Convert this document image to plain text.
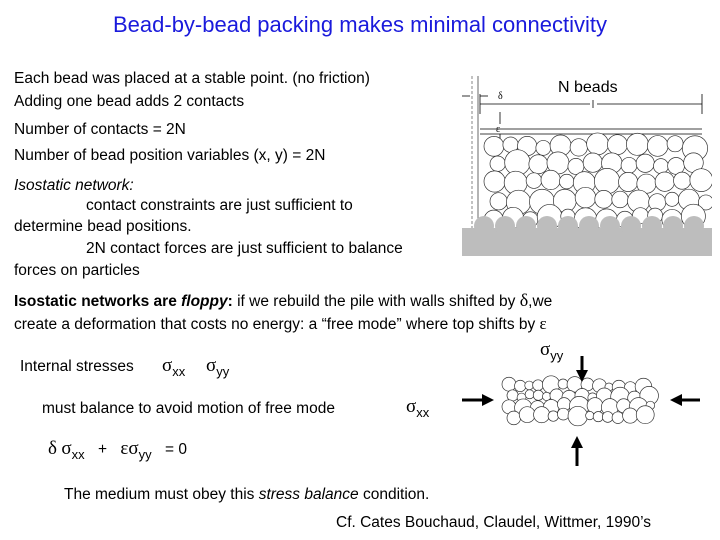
Bead-by-bead packing makes minimal connectivity
Each bead was placed at a stable point. (no friction)
Adding one bead adds 2 contacts
Number of contacts = 2N
Number of bead position variables (x, y) = 2N
Isostatic network:
contact constraints are just sufficient to
determine bead positions.
2N contact forces are just sufficient to balance
forces on particles
Isostatic networks are floppy: if we rebuild the pile with walls shifted by δ,we
create a deformation that costs no energy: a “free mode” where top shifts by ε
Internal stresses $\sigma_{xx}$ $\sigma_{yy}$
must balance to avoid motion of free mode
δ $\sigma_{xx} + \varepsilon\sigma_{yy} = 0$
The medium must obey this stress balance condition.
Cf. Cates Bouchaud, Claudel, Wittmer, 1990’s
N beads
δ
ε
$\sigma_{yy}$
$\sigma_{xx}$
